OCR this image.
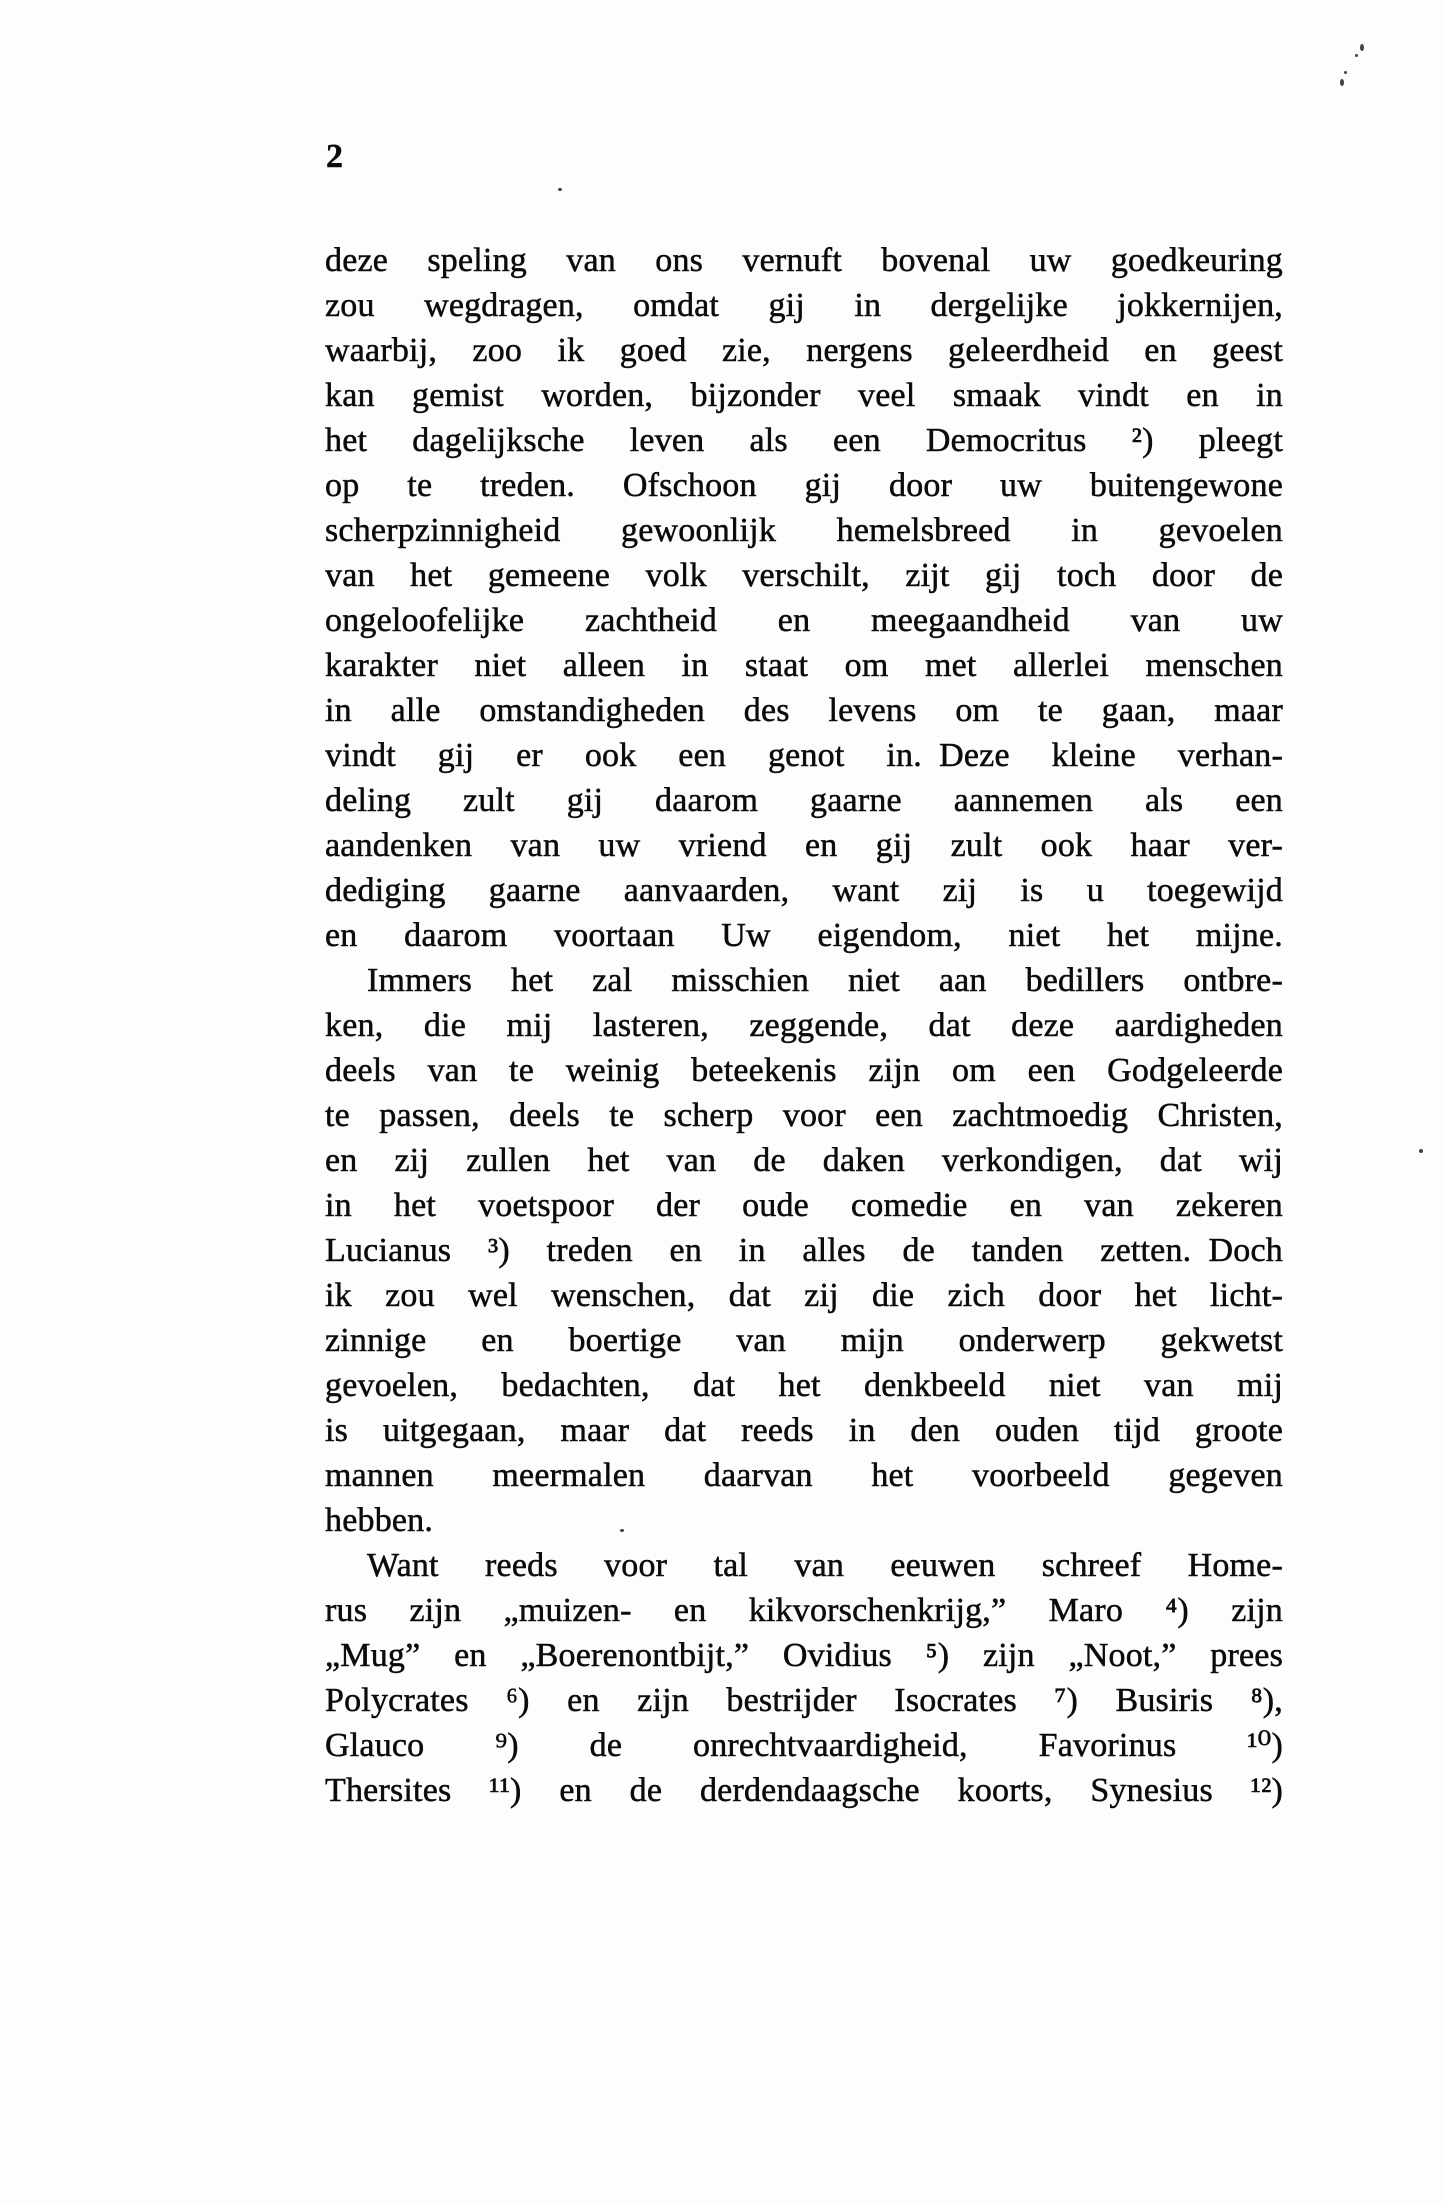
2
deze speling van ons vernuft bovenal uw goedkeuring
zou wegdragen, omdat gij in dergelijke jokkernijen,
waarbij, zoo ik goed zie, nergens geleerdheid en geest
kan gemist worden, bijzonder veel smaak vindt en in
het dagelijksche leven als een Democritus ²) pleegt
op te treden. Ofschoon gij door uw buitengewone
scherpzinnigheid gewoonlijk hemelsbreed in gevoelen
van het gemeene volk verschilt, zijt gij toch door de
ongeloofelijke zachtheid en meegaandheid van uw
karakter niet alleen in staat om met allerlei menschen
in alle omstandigheden des levens om te gaan, maar
vindt gij er ook een genot in. Deze kleine verhan-
deling zult gij daarom gaarne aannemen als een
aandenken van uw vriend en gij zult ook haar ver-
dediging gaarne aanvaarden, want zij is u toegewijd
en daarom voortaan Uw eigendom, niet het mijne.
Immers het zal misschien niet aan bedillers ontbre-
ken, die mij lasteren, zeggende, dat deze aardigheden
deels van te weinig beteekenis zijn om een Godgeleerde
te passen, deels te scherp voor een zachtmoedig Christen,
en zij zullen het van de daken verkondigen, dat wij
in het voetspoor der oude comedie en van zekeren
Lucianus ³) treden en in alles de tanden zetten. Doch
ik zou wel wenschen, dat zij die zich door het licht-
zinnige en boertige van mijn onderwerp gekwetst
gevoelen, bedachten, dat het denkbeeld niet van mij
is uitgegaan, maar dat reeds in den ouden tijd groote
mannen meermalen daarvan het voorbeeld gegeven
hebben.
Want reeds voor tal van eeuwen schreef Home-
rus zijn „muizen- en kikvorschenkrijg,” Maro ⁴) zijn
„Mug” en „Boerenontbijt,” Ovidius ⁵) zijn „Noot,” prees
Polycrates ⁶) en zijn bestrijder Isocrates ⁷) Busiris ⁸),
Glauco ⁹) de onrechtvaardigheid, Favorinus ¹⁰)
Thersites ¹¹) en de derdendaagsche koorts, Synesius ¹²)
